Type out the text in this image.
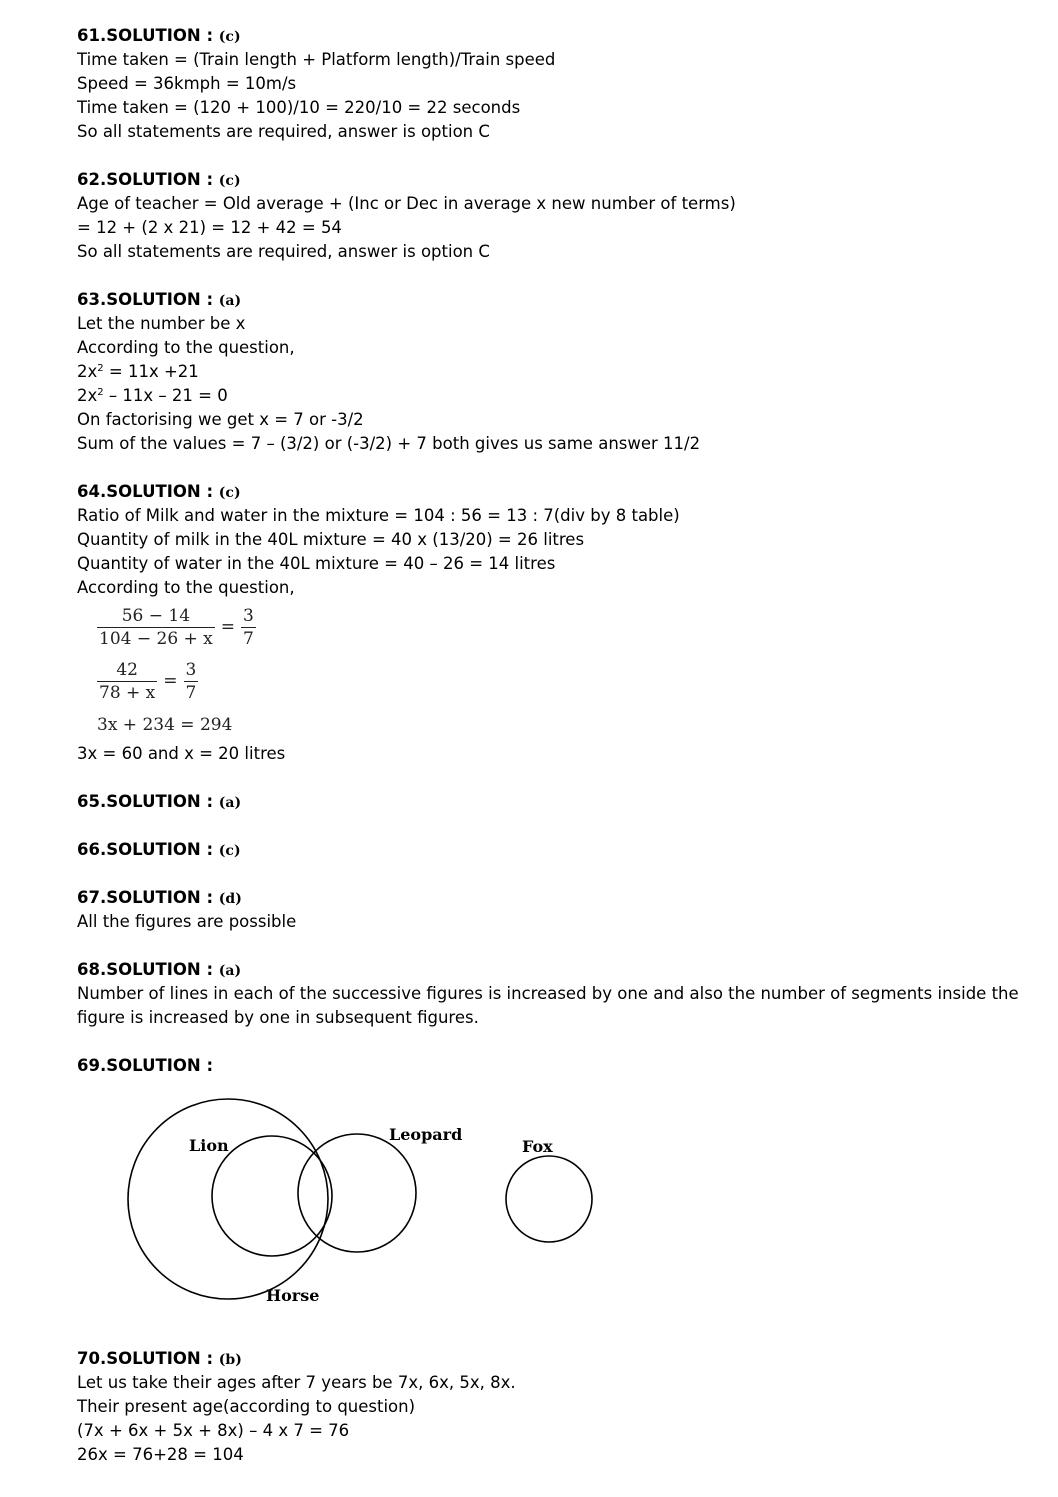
61.SOLUTION : (c)
Time taken = (Train length + Platform length)/Train speed
Speed = 36kmph = 10m/s
Time taken = (120 + 100)/10 = 220/10 = 22 seconds
So all statements are required, answer is option C
62.SOLUTION : (c)
Age of teacher = Old average + (Inc or Dec in average x new number of terms)
= 12 + (2 x 21) = 12 + 42 = 54
So all statements are required, answer is option C
63.SOLUTION : (a)
Let the number be x
According to the question,
$2x^2 = 11x +21$
$2x^2 - 11x - 21 = 0$
On factorising we get x = 7 or -3/2
Sum of the values = 7 – (3/2) or (-3/2) + 7 both gives us same answer 11/2
64.SOLUTION : (c)
Ratio of Milk and water in the mixture = 104 : 56 = 13 : 7(div by 8 table)
Quantity of milk in the 40L mixture = 40 x (13/20) = 26 litres
Quantity of water in the 40L mixture = 40 – 26 = 14 litres
According to the question,
$\frac{56 - 14}{104 - 26 + x} = \frac{3}{7}$
$\frac{42}{78 + x} = \frac{3}{7}$
3x + 234 = 294
3x = 60 and x = 20 litres
65.SOLUTION : (a)
66.SOLUTION : (c)
67.SOLUTION : (d)
All the figures are possible
68.SOLUTION : (a)
Number of lines in each of the successive figures is increased by one and also the number of segments inside the figure is increased by one in subsequent figures.
69.SOLUTION :
Lion
Leopard
Fox
Horse
70.SOLUTION : (b)
Let us take their ages after 7 years be 7x, 6x, 5x, 8x.
Their present age(according to question)
(7x + 6x + 5x + 8x) – 4 x 7 = 76
26x = 76+28 = 104
